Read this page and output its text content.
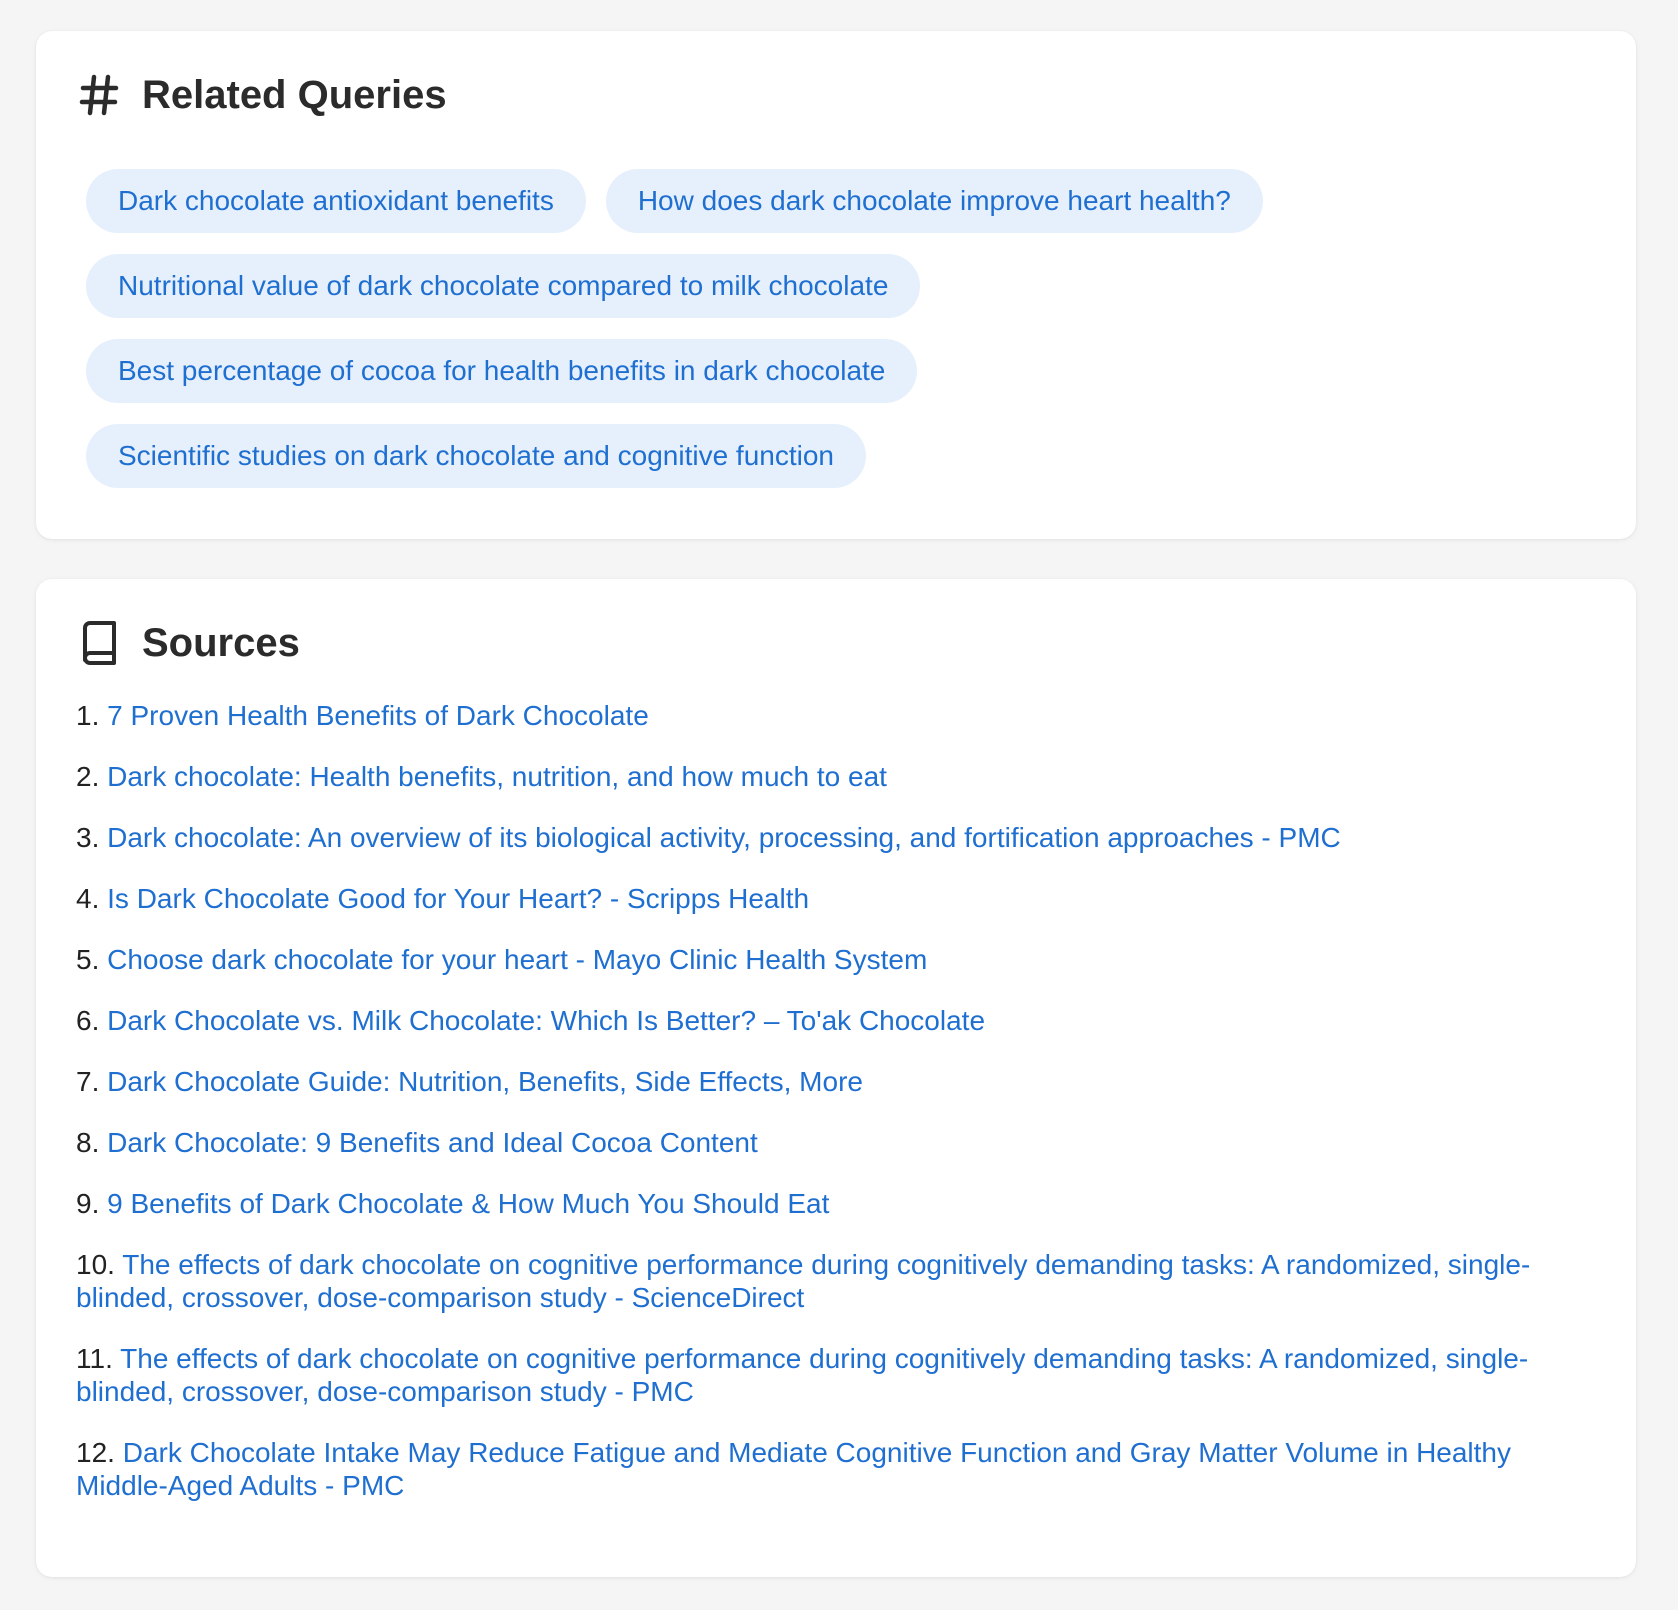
Related Queries
Dark chocolate antioxidant benefits	How does dark chocolate improve heart health?
Nutritional value of dark chocolate compared to milk chocolate
Best percentage of cocoa for health benefits in dark chocolate
Scientific studies on dark chocolate and cognitive function
Sources
1. 7 Proven Health Benefits of Dark Chocolate
2. Dark chocolate: Health benefits, nutrition, and how much to eat
3. Dark chocolate: An overview of its biological activity, processing, and fortification approaches - PMC
4. Is Dark Chocolate Good for Your Heart? - Scripps Health
5. Choose dark chocolate for your heart - Mayo Clinic Health System
6. Dark Chocolate vs. Milk Chocolate: Which Is Better? – To'ak Chocolate
7. Dark Chocolate Guide: Nutrition, Benefits, Side Effects, More
8. Dark Chocolate: 9 Benefits and Ideal Cocoa Content
9. 9 Benefits of Dark Chocolate & How Much You Should Eat
10. The effects of dark chocolate on cognitive performance during cognitively demanding tasks: A randomized, single-blinded, crossover, dose-comparison study - ScienceDirect
11. The effects of dark chocolate on cognitive performance during cognitively demanding tasks: A randomized, single-blinded, crossover, dose-comparison study - PMC
12. Dark Chocolate Intake May Reduce Fatigue and Mediate Cognitive Function and Gray Matter Volume in Healthy Middle-Aged Adults - PMC
